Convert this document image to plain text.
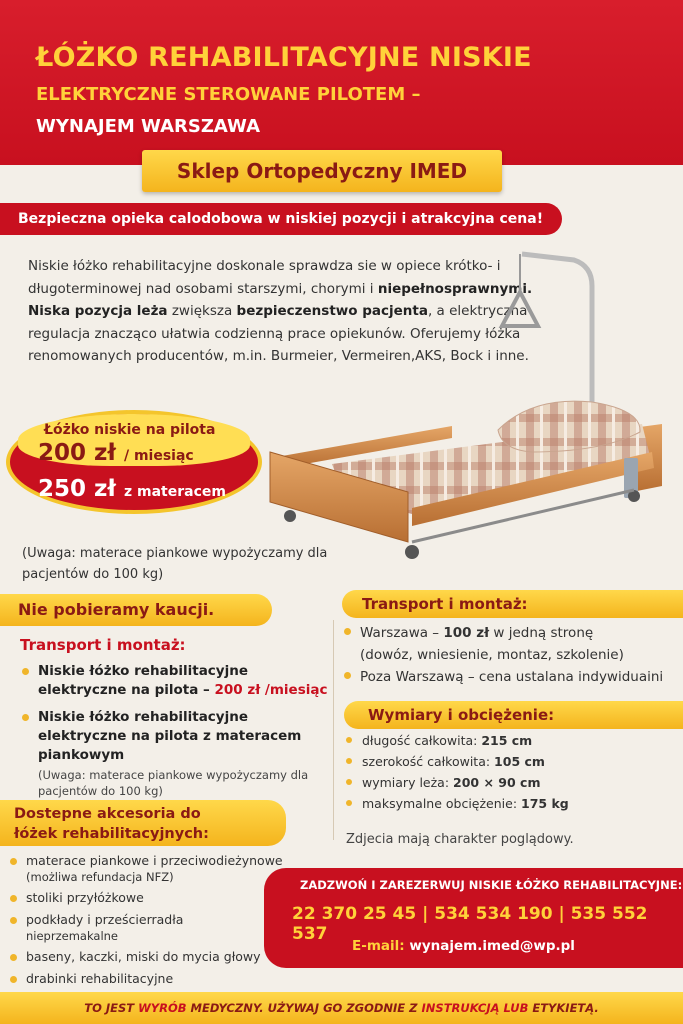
ŁÓŻKO REHABILITACYJNE NISKIE
ELEKTRYCZNE STEROWANE PILOTEM –
WYNAJEM WARSZAWA
Sklep Ortopedyczny IMED
Bezpieczna opieka calodobowa w niskiej pozycji i atrakcyjna cena!
Niskie łóżko rehabilitacyjne doskonale sprawdza sie w opiece krótko- i długoterminowej nad osobami starszymi, chorymi i niepełnosprawnymi. Niska pozycja leża zwiększa bezpieczenstwo pacjenta, a elektryczna regulacja znacząco ułatwia codzienną prace opiekunów. Oferujemy łóżka renomowanych producentów, m.in. Burmeier, Vermeiren,AKS, Bock i inne.
Łóżko niskie na pilota
200 zł / miesiąc
250 zł z materacem
(Uwaga: materace piankowe wypożyczamy dla pacjentów do 100 kg)
Nie pobieramy kaucji.	Transport i montaż:
Transport i montaż:
Niskie łóżko rehabilitacyjne elektryczne na pilota – 200 zł /miesiąc
Niskie łóżko rehabilitacyjne elektryczne na pilota z materacem piankowym
(Uwaga: materace piankowe wypożyczamy dla pacjentów do 100 kg)
Warszawa – 100 zł w jedną stronę
(dowóz, wniesienie, montaz, szkolenie)
Poza Warszawą – cena ustalana indywiduaini
Wymiary i obciężenie:
długość całkowita: 215 cm
szerokość całkowita: 105 cm
wymiary leża: 200 × 90 cm
maksymalne obciężenie: 175 kg
Zdjecia mają charakter poglądowy.
Dostepne akcesoria do
łóżek rehabilitacyjnych:
materace piankowe i przeciwodieżynowe
(możliwa refundacja NFZ)
stoliki przyłóżkowe
podkłady i prześcierradła
nieprzemakalne
baseny, kaczki, miski do mycia głowy
drabinki rehabilitacyjne
ZADZWOŃ I ZAREZERWUJ NISKIE ŁÓŻKO REHABILITACYJNE:
22 370 25 45 | 534 534 190 | 535 552 537
E-mail: wynajem.imed@wp.pl
TO JEST WYRÓB MEDYCZNY. UŻYWAJ GO ZGODNIE Z INSTRUKCJĄ LUB ETYKIETĄ.
